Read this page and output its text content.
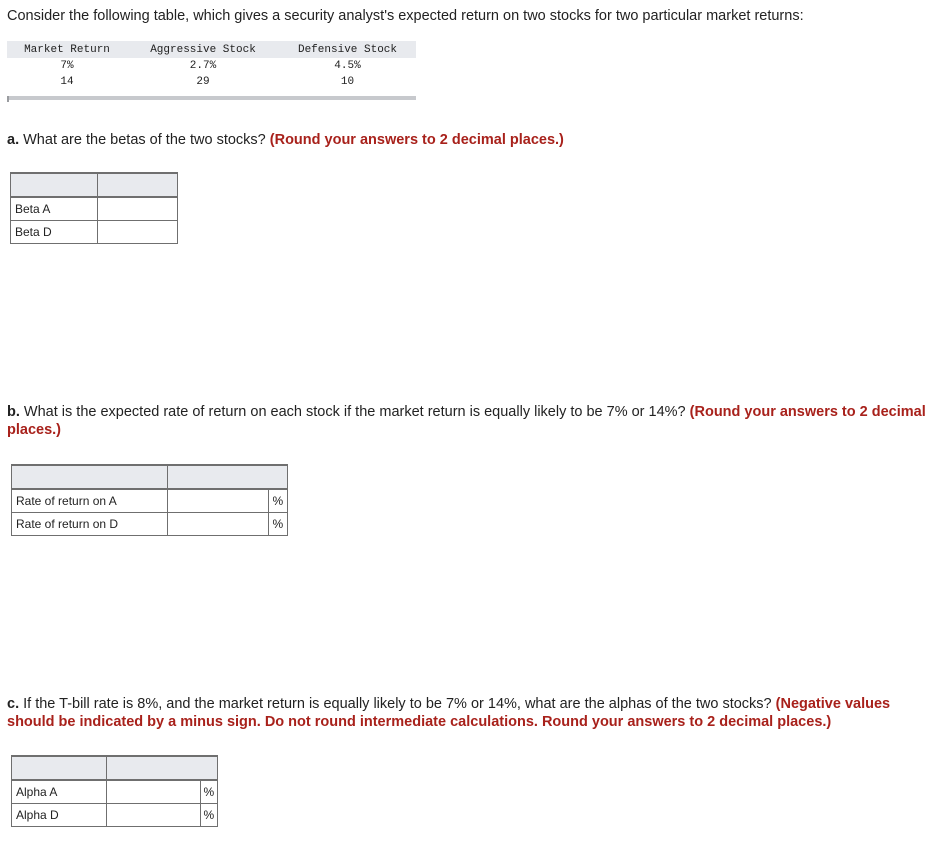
Consider the following table, which gives a security analyst's expected return on two stocks for two particular market returns:
Market Return	Aggressive Stock	Defensive Stock
7%	2.7%	4.5%
14	29	10
a. What are the betas of the two stocks? (Round your answers to 2 decimal places.)

Beta A	

Beta D	
b. What is the expected rate of return on each stock if the market return is equally likely to be 7% or 14%? (Round your answers to 2 decimal places.)

Rate of return on A		%
Rate of return on D		%
c. If the T-bill rate is 8%, and the market return is equally likely to be 7% or 14%, what are the alphas of the two stocks? (Negative values should be indicated by a minus sign. Do not round intermediate calculations. Round your answers to 2 decimal places.)

Alpha A		%
Alpha D		%
